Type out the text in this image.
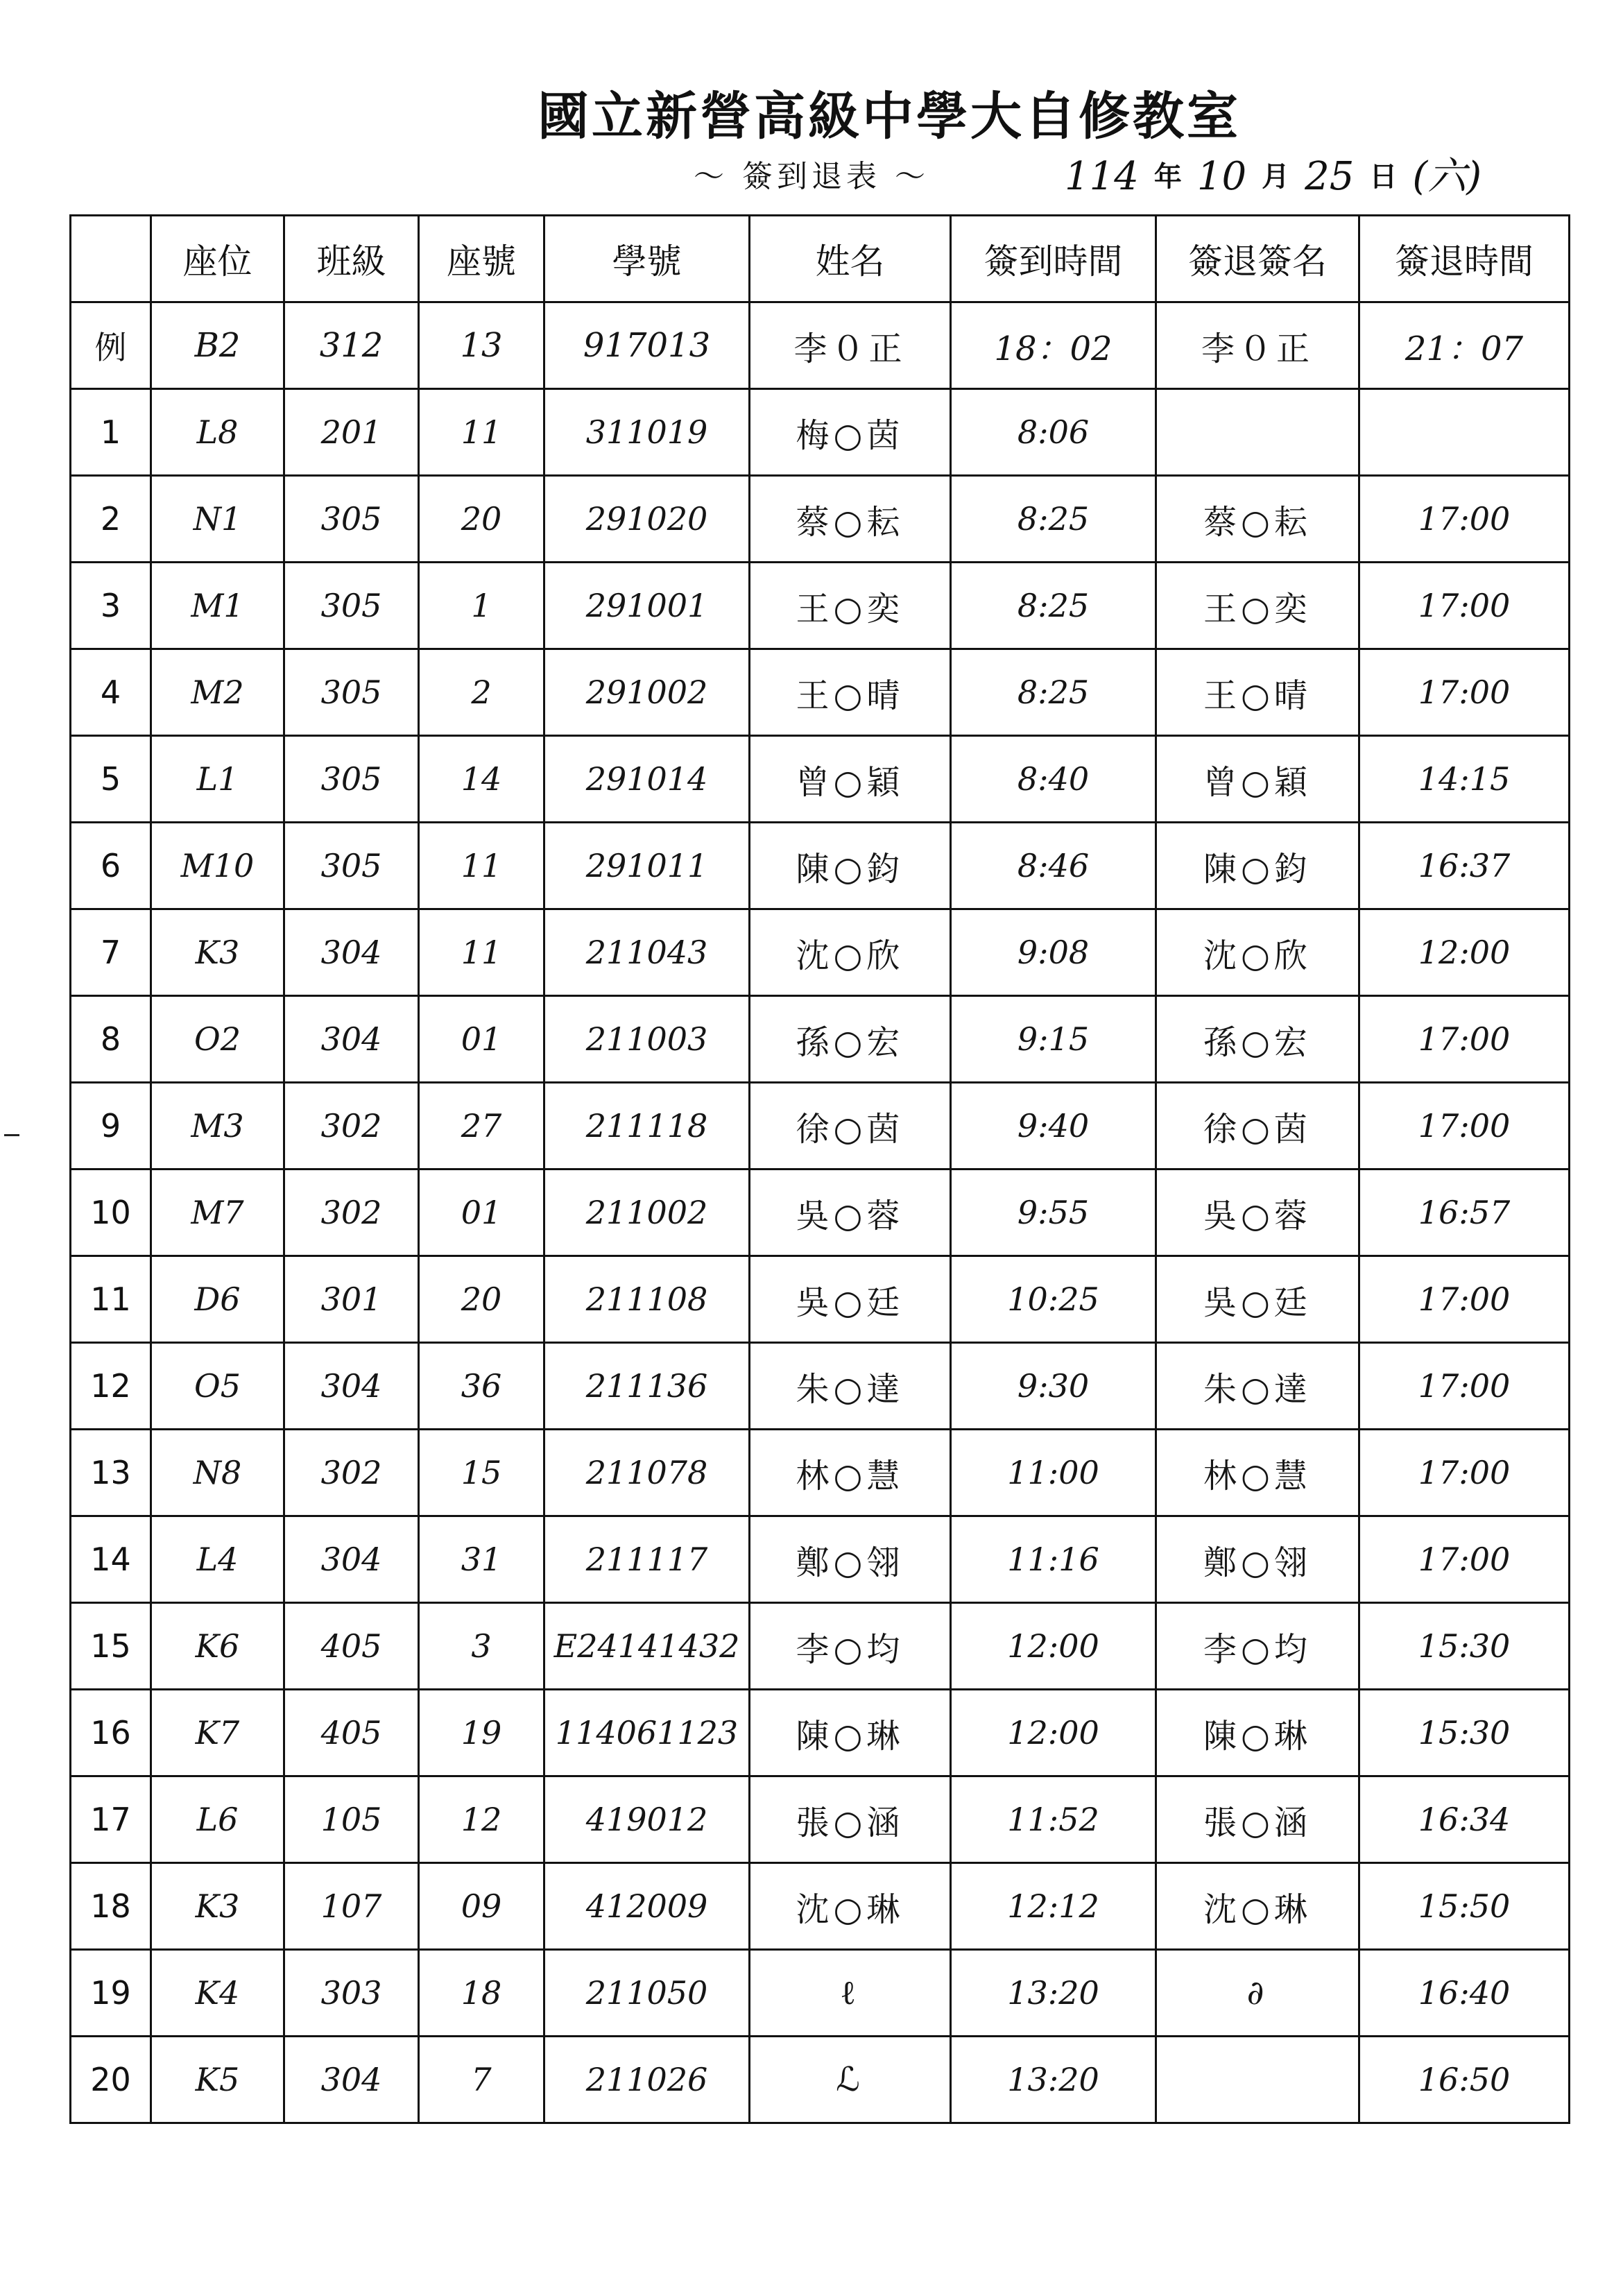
國立新營高級中學大自修教室
～ 簽到退表 ～	114 年 10 月 25 日 (六)
	座位	班級	座號	學號	姓名	簽到時間	簽退簽名	簽退時間
例	B2	312	13	917013	李０正	18：02	李０正	21：07
1	L8	201	11	311019	梅○茵	8:06		
2	N1	305	20	291020	蔡○耘	8:25	蔡○耘	17:00
3	M1	305	1	291001	王○奕	8:25	王○奕	17:00
4	M2	305	2	291002	王○晴	8:25	王○晴	17:00
5	L1	305	14	291014	曾○穎	8:40	曾○穎	14:15
6	M10	305	11	291011	陳○鈞	8:46	陳○鈞	16:37
7	K3	304	11	211043	沈○欣	9:08	沈○欣	12:00
8	O2	304	01	211003	孫○宏	9:15	孫○宏	17:00
9	M3	302	27	211118	徐○茵	9:40	徐○茵	17:00
10	M7	302	01	211002	吳○蓉	9:55	吳○蓉	16:57
11	D6	301	20	211108	吳○廷	10:25	吳○廷	17:00
12	O5	304	36	211136	朱○達	9:30	朱○達	17:00
13	N8	302	15	211078	林○慧	11:00	林○慧	17:00
14	L4	304	31	211117	鄭○翎	11:16	鄭○翎	17:00
15	K6	405	3	E24141432	李○均	12:00	李○均	15:30
16	K7	405	19	114061123	陳○琳	12:00	陳○琳	15:30
17	L6	105	12	419012	張○涵	11:52	張○涵	16:34
18	K3	107	09	412009	沈○琳	12:12	沈○琳	15:50
19	K4	303	18	211050	ℓ	13:20	∂	16:40
20	K5	304	7	211026	ℒ	13:20		16:50
